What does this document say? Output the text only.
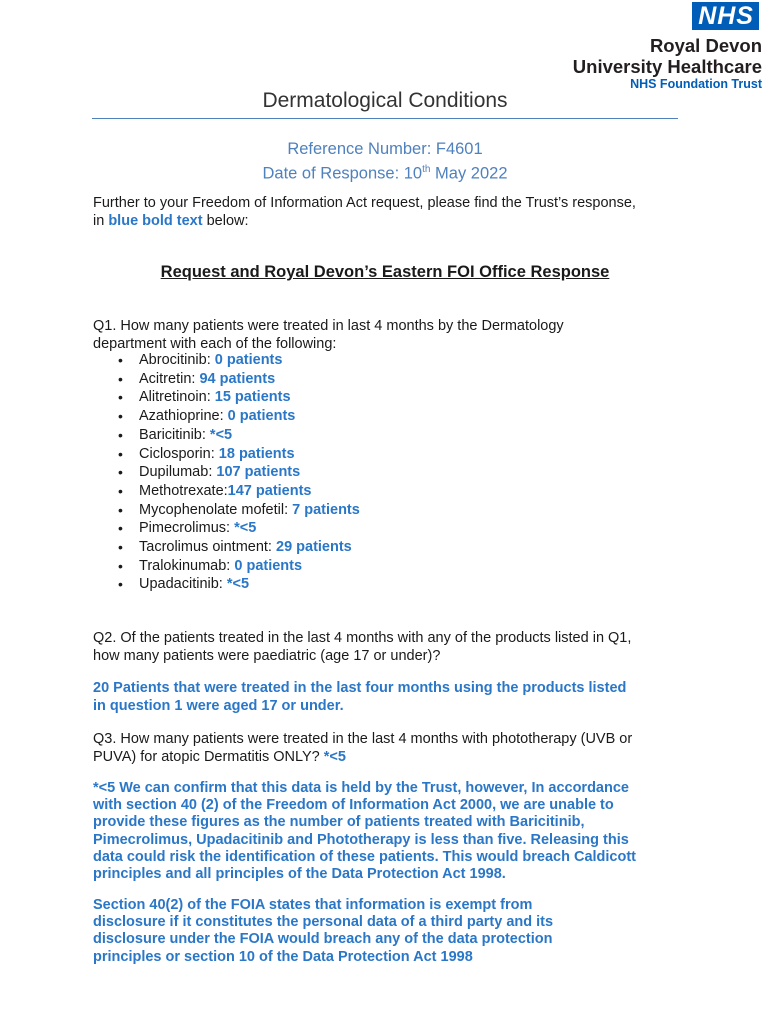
NHS
Royal Devon
University Healthcare
NHS Foundation Trust
Dermatological Conditions
Reference Number: F4601
Date of Response: 10th May 2022
Further to your Freedom of Information Act request, please find the Trust’s response,
in blue bold text below:
Request and Royal Devon’s Eastern FOI Office Response
Q1. How many patients were treated in last 4 months by the Dermatology
department with each of the following:
• Abrocitinib: 0 patients
• Acitretin: 94 patients
• Alitretinoin: 15 patients
• Azathioprine: 0 patients
• Baricitinib: *<5
• Ciclosporin: 18 patients
• Dupilumab: 107 patients
• Methotrexate:147 patients
• Mycophenolate mofetil: 7 patients
• Pimecrolimus: *<5
• Tacrolimus ointment: 29 patients
• Tralokinumab: 0 patients
• Upadacitinib: *<5
Q2. Of the patients treated in the last 4 months with any of the products listed in Q1,
how many patients were paediatric (age 17 or under)?
20 Patients that were treated in the last four months using the products listed
in question 1 were aged 17 or under.
Q3. How many patients were treated in the last 4 months with phototherapy (UVB or
PUVA) for atopic Dermatitis ONLY? *<5
*<5 We can confirm that this data is held by the Trust, however, In accordance
with section 40 (2) of the Freedom of Information Act 2000, we are unable to
provide these figures as the number of patients treated with Baricitinib,
Pimecrolimus, Upadacitinib and Phototherapy is less than five. Releasing this
data could risk the identification of these patients. This would breach Caldicott
principles and all principles of the Data Protection Act 1998.
Section 40(2) of the FOIA states that information is exempt from
disclosure if it constitutes the personal data of a third party and its
disclosure under the FOIA would breach any of the data protection
principles or section 10 of the Data Protection Act 1998
